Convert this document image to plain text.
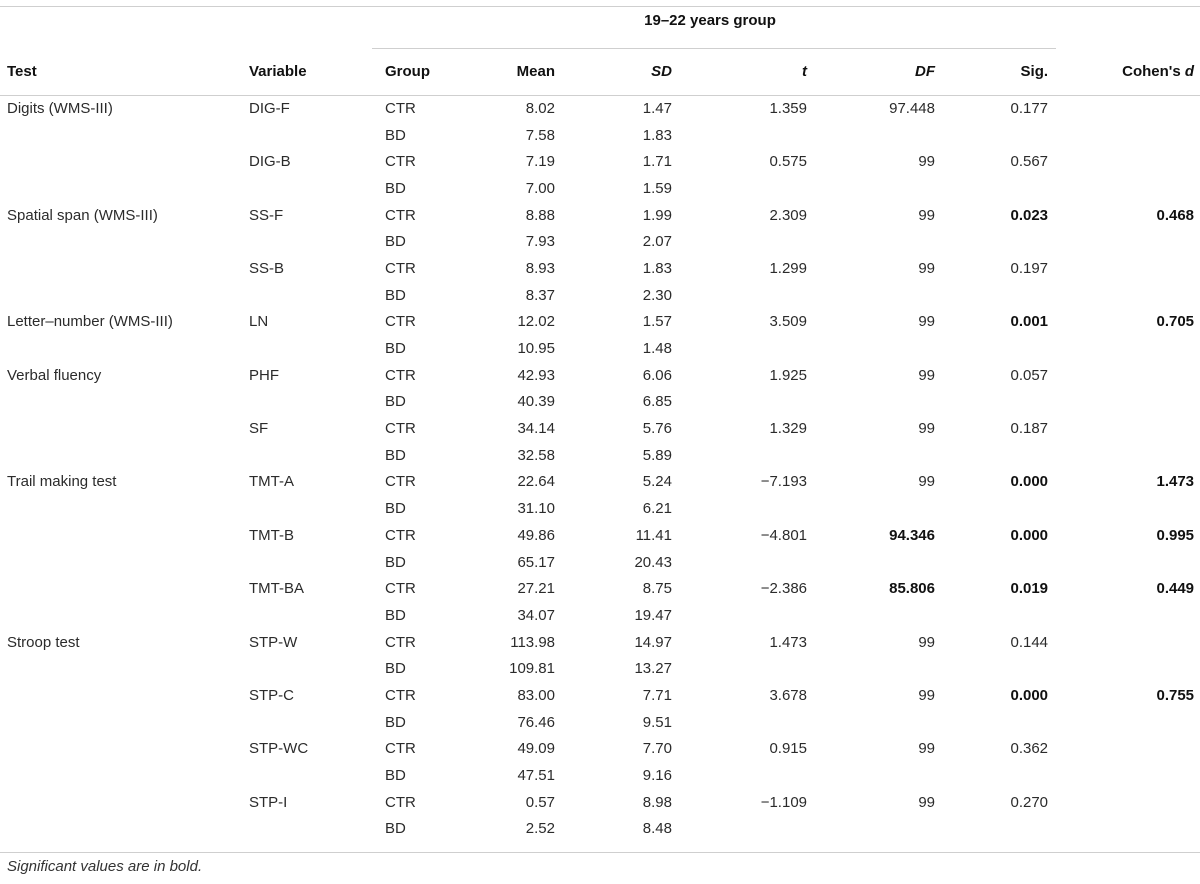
		19–22 years group						
Test	Variable	Group	Mean	SD	t	DF	Sig.	Cohen's d
Digits (WMS-III)	DIG-F	CTR	8.02	1.47	1.359	97.448	0.177	
		BD	7.58	1.83				
	DIG-B	CTR	7.19	1.71	0.575	99	0.567	
		BD	7.00	1.59				
Spatial span (WMS-III)	SS-F	CTR	8.88	1.99	2.309	99	0.023	0.468
		BD	7.93	2.07				
	SS-B	CTR	8.93	1.83	1.299	99	0.197	
		BD	8.37	2.30				
Letter–number (WMS-III)	LN	CTR	12.02	1.57	3.509	99	0.001	0.705
		BD	10.95	1.48				
Verbal fluency	PHF	CTR	42.93	6.06	1.925	99	0.057	
		BD	40.39	6.85				
	SF	CTR	34.14	5.76	1.329	99	0.187	
		BD	32.58	5.89				
Trail making test	TMT-A	CTR	22.64	5.24	−7.193	99	0.000	1.473
		BD	31.10	6.21				
	TMT-B	CTR	49.86	11.41	−4.801	94.346	0.000	0.995
		BD	65.17	20.43				
	TMT-BA	CTR	27.21	8.75	−2.386	85.806	0.019	0.449
		BD	34.07	19.47				
Stroop test	STP-W	CTR	113.98	14.97	1.473	99	0.144	
		BD	109.81	13.27				
	STP-C	CTR	83.00	7.71	3.678	99	0.000	0.755
		BD	76.46	9.51				
	STP-WC	CTR	49.09	7.70	0.915	99	0.362	
		BD	47.51	9.16				
	STP-I	CTR	0.57	8.98	−1.109	99	0.270	
		BD	2.52	8.48				
Significant values are in bold.
